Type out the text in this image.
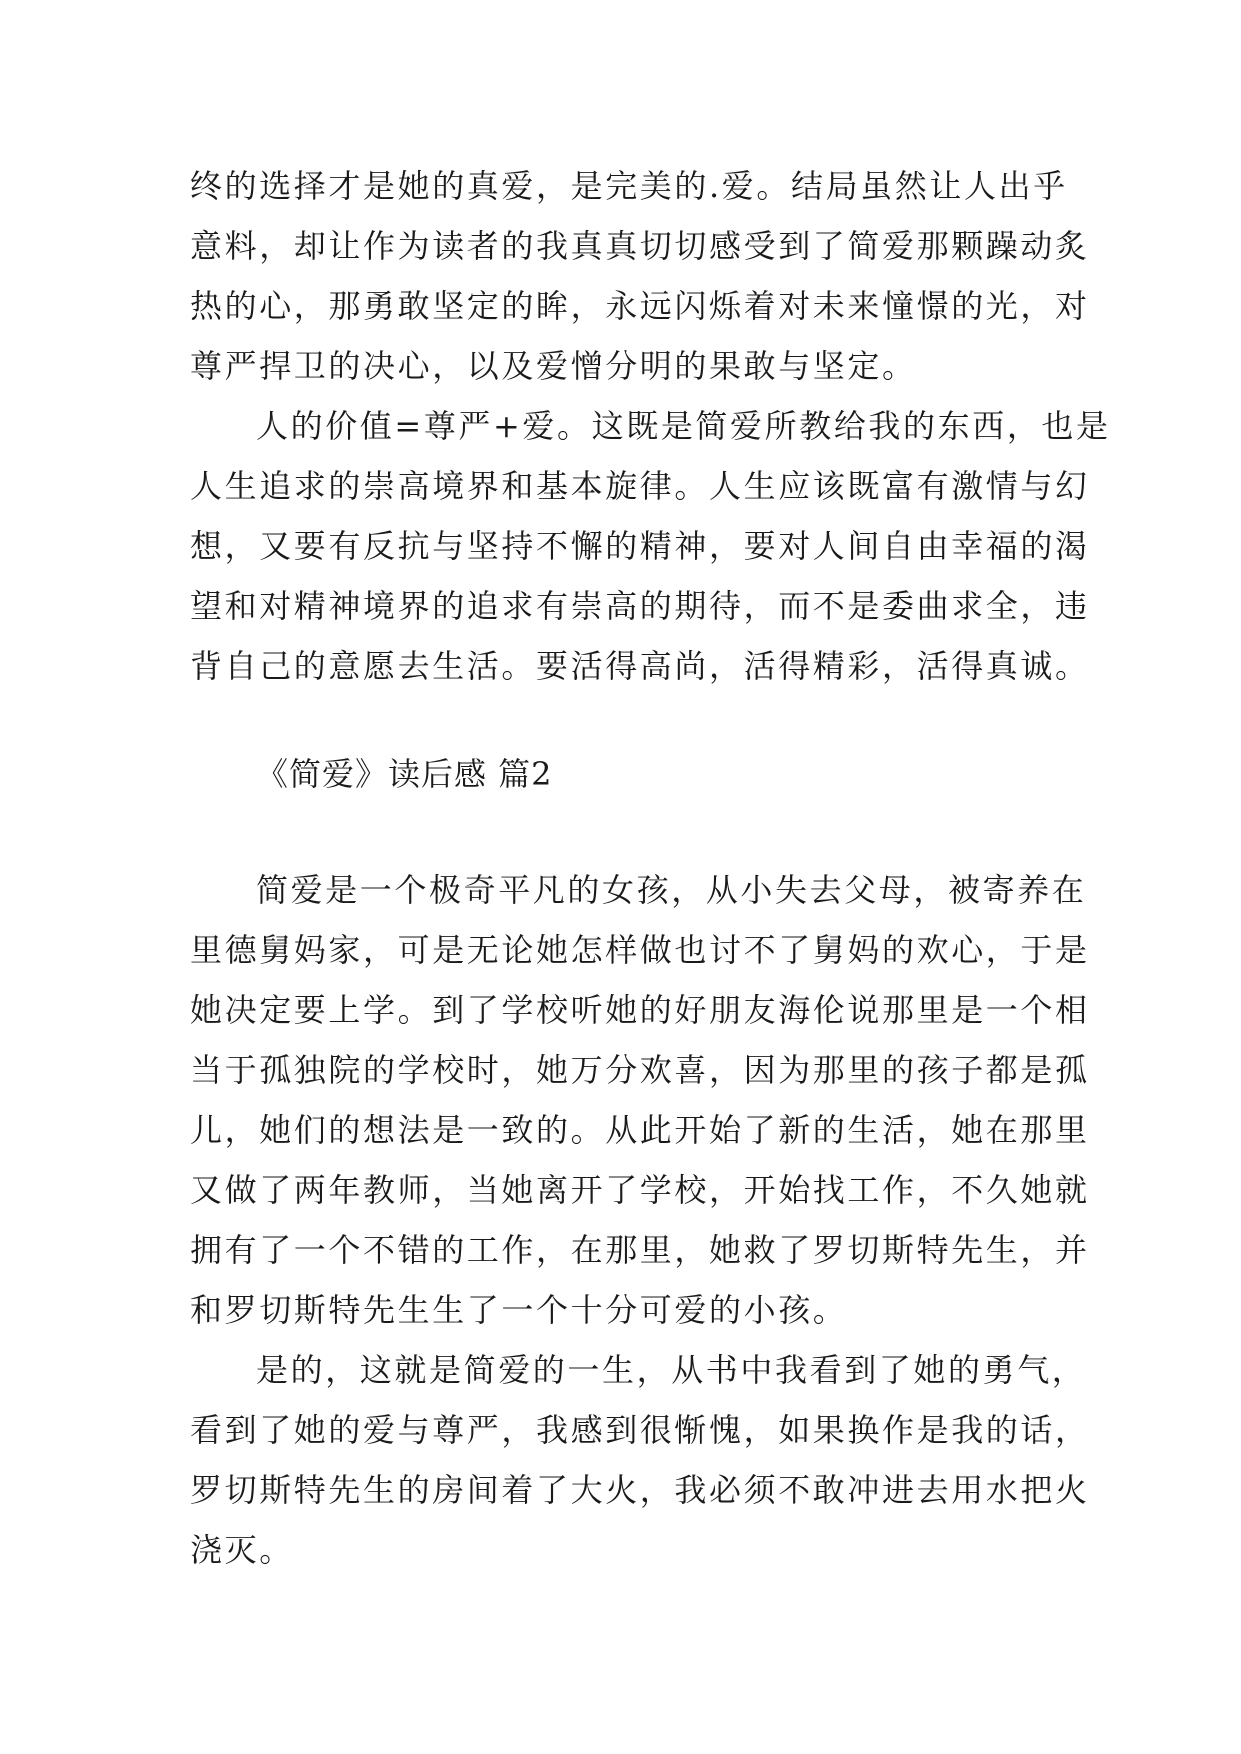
终的选择才是她的真爱，是完美的.爱。结局虽然让人出乎
意料，却让作为读者的我真真切切感受到了简爱那颗躁动炙
热的心，那勇敢坚定的眸，永远闪烁着对未来憧憬的光，对
尊严捍卫的决心，以及爱憎分明的果敢与坚定。
人的价值=尊严+爱。这既是简爱所教给我的东西，也是
人生追求的崇高境界和基本旋律。人生应该既富有激情与幻
想，又要有反抗与坚持不懈的精神，要对人间自由幸福的渴
望和对精神境界的追求有崇高的期待，而不是委曲求全，违
背自己的意愿去生活。要活得高尚，活得精彩，活得真诚。
《简爱》读后感 篇2
简爱是一个极奇平凡的女孩，从小失去父母，被寄养在
里德舅妈家，可是无论她怎样做也讨不了舅妈的欢心，于是
她决定要上学。到了学校听她的好朋友海伦说那里是一个相
当于孤独院的学校时，她万分欢喜，因为那里的孩子都是孤
儿，她们的想法是一致的。从此开始了新的生活，她在那里
又做了两年教师，当她离开了学校，开始找工作，不久她就
拥有了一个不错的工作，在那里，她救了罗切斯特先生，并
和罗切斯特先生生了一个十分可爱的小孩。
是的，这就是简爱的一生，从书中我看到了她的勇气，
看到了她的爱与尊严，我感到很惭愧，如果换作是我的话，
罗切斯特先生的房间着了大火，我必须不敢冲进去用水把火
浇灭。
